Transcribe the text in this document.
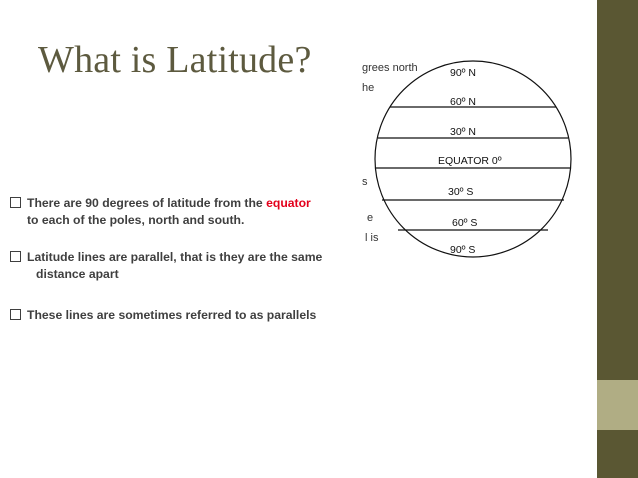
What is Latitude?	grees north
he
s
e
l is
90º N
60º N
30º N
EQUATOR 0º
30º S
60º S
90º S
There are 90 degrees of latitude from the equator
to each of the poles, north and south.
Latitude lines are parallel, that is they are the same
distance apart
These lines are sometimes referred to as parallels
